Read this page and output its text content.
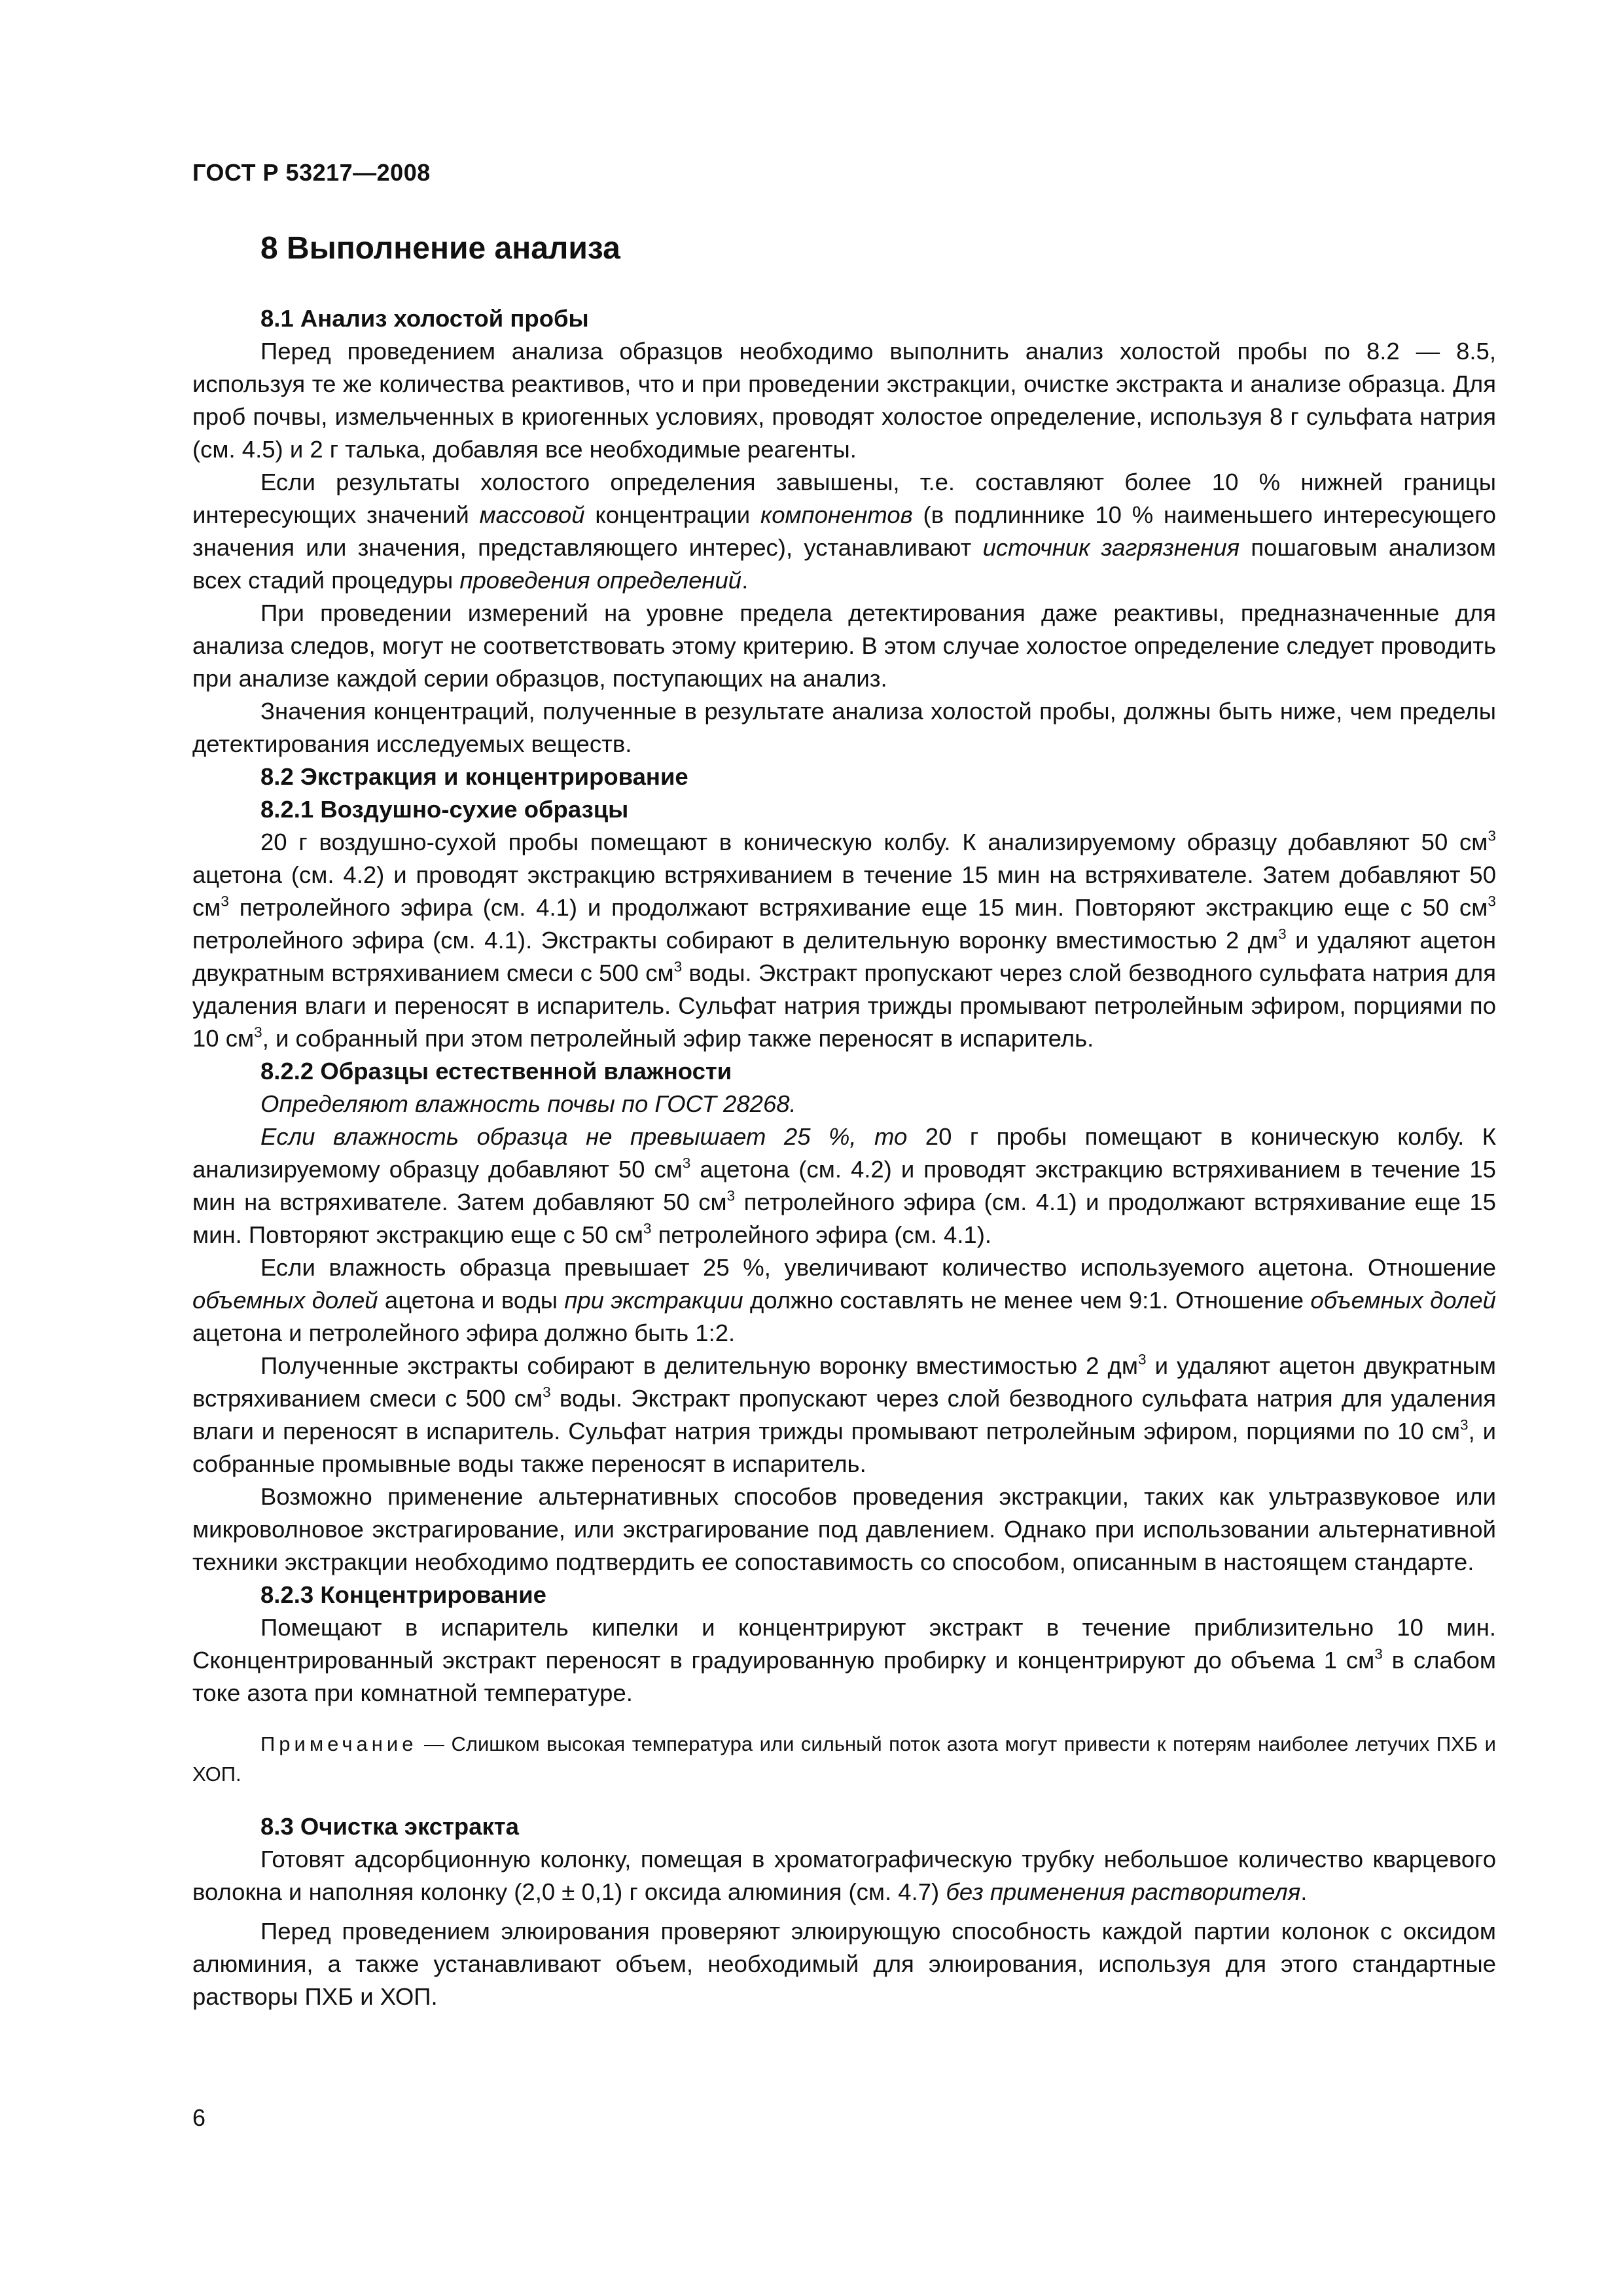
ГОСТ Р 53217—2008
8 Выполнение анализа
8.1 Анализ холостой пробы

Перед проведением анализа образцов необходимо выполнить анализ холостой пробы по 8.2 — 8.5, используя те же количества реактивов, что и при проведении экстракции, очистке экстракта и анализе образца. Для проб почвы, измельченных в криогенных условиях, проводят холостое определение, используя 8 г сульфата натрия (см. 4.5) и 2 г талька, добавляя все необходимые реагенты.

Если результаты холостого определения завышены, т.е. составляют более 10 % нижней границы интересующих значений массовой концентрации компонентов (в подлиннике 10 % наименьшего интересующего значения или значения, представляющего интерес), устанавливают источник загрязнения пошаговым анализом всех стадий процедуры проведения определений.

При проведении измерений на уровне предела детектирования даже реактивы, предназначенные для анализа следов, могут не соответствовать этому критерию. В этом случае холостое определение следует проводить при анализе каждой серии образцов, поступающих на анализ.

Значения концентраций, полученные в результате анализа холостой пробы, должны быть ниже, чем пределы детектирования исследуемых веществ.

8.2 Экстракция и концентрирование
8.2.1 Воздушно-сухие образцы

20 г воздушно-сухой пробы помещают в коническую колбу. К анализируемому образцу добавляют 50 $см^3$ ацетона (см. 4.2) и проводят экстракцию встряхиванием в течение 15 мин на встряхивателе. Затем добавляют 50 $см^3$ петролейного эфира (см. 4.1) и продолжают встряхивание еще 15 мин. Повторяют экстракцию еще с 50 $см^3$ петролейного эфира (см. 4.1). Экстракты собирают в делительную воронку вместимостью 2 $дм^3$ и удаляют ацетон двукратным встряхиванием смеси с 500 $см^3$ воды. Экстракт пропускают через слой безводного сульфата натрия для удаления влаги и переносят в испаритель. Сульфат натрия трижды промывают петролейным эфиром, порциями по 10 $см^3$, и собранный при этом петролейный эфир также переносят в испаритель.

8.2.2 Образцы естественной влажности

Определяют влажность почвы по ГОСТ 28268.

Если влажность образца не превышает 25 %, то 20 г пробы помещают в коническую колбу. К анализируемому образцу добавляют 50 $см^3$ ацетона (см. 4.2) и проводят экстракцию встряхиванием в течение 15 мин на встряхивателе. Затем добавляют 50 $см^3$ петролейного эфира (см. 4.1) и продолжают встряхивание еще 15 мин. Повторяют экстракцию еще с 50 $см^3$ петролейного эфира (см. 4.1).

Если влажность образца превышает 25 %, увеличивают количество используемого ацетона. Отношение объемных долей ацетона и воды при экстракции должно составлять не менее чем 9:1. Отношение объемных долей ацетона и петролейного эфира должно быть 1:2.

Полученные экстракты собирают в делительную воронку вместимостью 2 $дм^3$ и удаляют ацетон двукратным встряхиванием смеси с 500 $см^3$ воды. Экстракт пропускают через слой безводного сульфата натрия для удаления влаги и переносят в испаритель. Сульфат натрия трижды промывают петролейным эфиром, порциями по 10 $см^3$, и собранные промывные воды также переносят в испаритель.

Возможно применение альтернативных способов проведения экстракции, таких как ультразвуковое или микроволновое экстрагирование, или экстрагирование под давлением. Однако при использовании альтернативной техники экстракции необходимо подтвердить ее сопоставимость со способом, описанным в настоящем стандарте.

8.2.3 Концентрирование

Помещают в испаритель кипелки и концентрируют экстракт в течение приблизительно 10 мин. Сконцентрированный экстракт переносят в градуированную пробирку и концентрируют до объема 1 $см^3$ в слабом токе азота при комнатной температуре.

Примечание — Слишком высокая температура или сильный поток азота могут привести к потерям наиболее летучих ПХБ и ХОП.

8.3 Очистка экстракта

Готовят адсорбционную колонку, помещая в хроматографическую трубку небольшое количество кварцевого волокна и наполняя колонку (2,0 ± 0,1) г оксида алюминия (см. 4.7) без применения растворителя.

Перед проведением элюирования проверяют элюирующую способность каждой партии колонок с оксидом алюминия, а также устанавливают объем, необходимый для элюирования, используя для этого стандартные растворы ПХБ и ХОП.

6
